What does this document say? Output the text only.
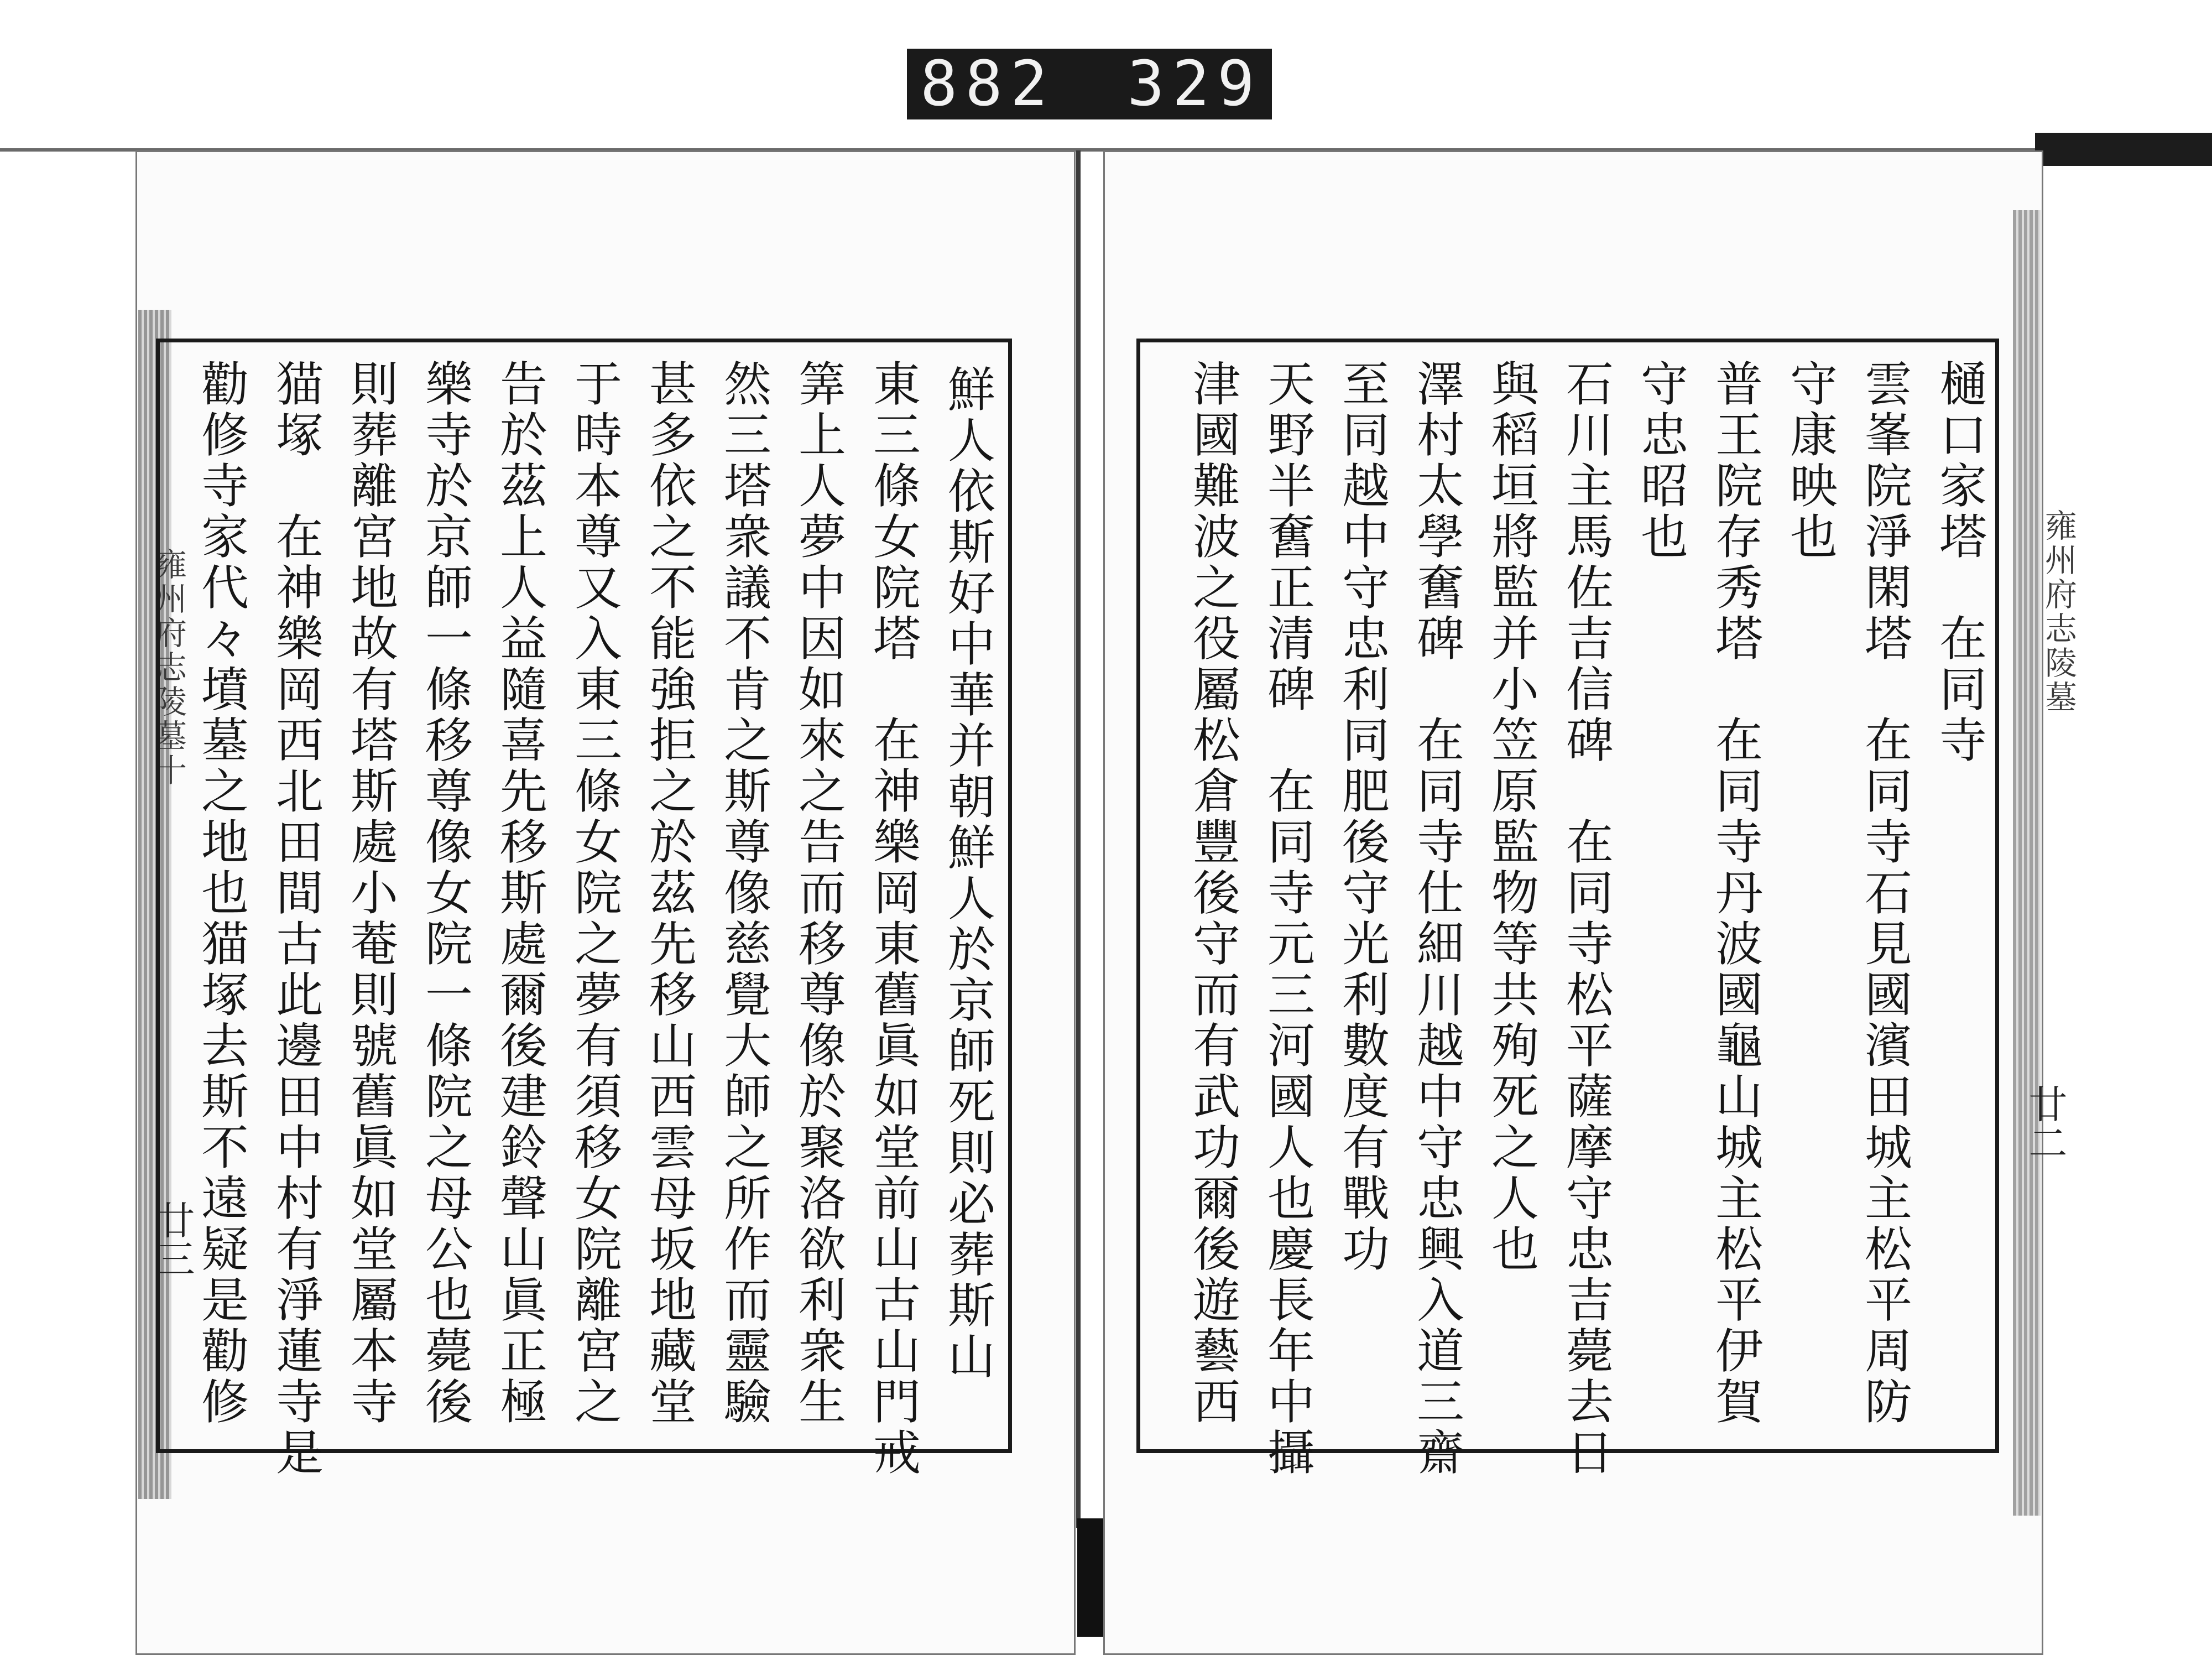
882 329
雍州府志陵墓十
廿三	鮮人依斯好中華并朝鮮人於京師死則必葬斯山
東三條女院塔　在神樂岡東舊眞如堂前山古山門戒
筭上人夢中因如來之告而移尊像於聚洛欲利衆生
然三塔衆議不肯之斯尊像慈覺大師之所作而靈驗
甚多依之不能強拒之於茲先移山西雲母坂地藏堂
于時本尊又入東三條女院之夢有須移女院離宮之
告於茲上人益隨喜先移斯處爾後建鈴聲山眞正極
樂寺於京師一條移尊像女院一條院之母公也薨後
則葬離宮地故有塔斯處小菴則號舊眞如堂屬本寺
猫塚　在神樂岡西北田間古此邊田中村有淨蓮寺是
勸修寺家代々墳墓之地也猫塚去斯不遠疑是勸修	雍州府志陵墓
廿二
樋口家塔　在同寺
雲峯院淨閑塔　在同寺石見國濱田城主松平周防
守康映也
普王院存秀塔　在同寺丹波國龜山城主松平伊賀
守忠昭也
石川主馬佐吉信碑　在同寺松平薩摩守忠吉薨去日
與稻垣將監并小笠原監物等共殉死之人也
澤村太學𡚒碑　在同寺仕細川越中守忠興入道三齋
至同越中守忠利同肥後守光利數度有戰功
天野半𡚒正清碑　在同寺元三河國人也慶長年中攝
津國難波之役屬松倉豐後守而有武功爾後遊藝西
